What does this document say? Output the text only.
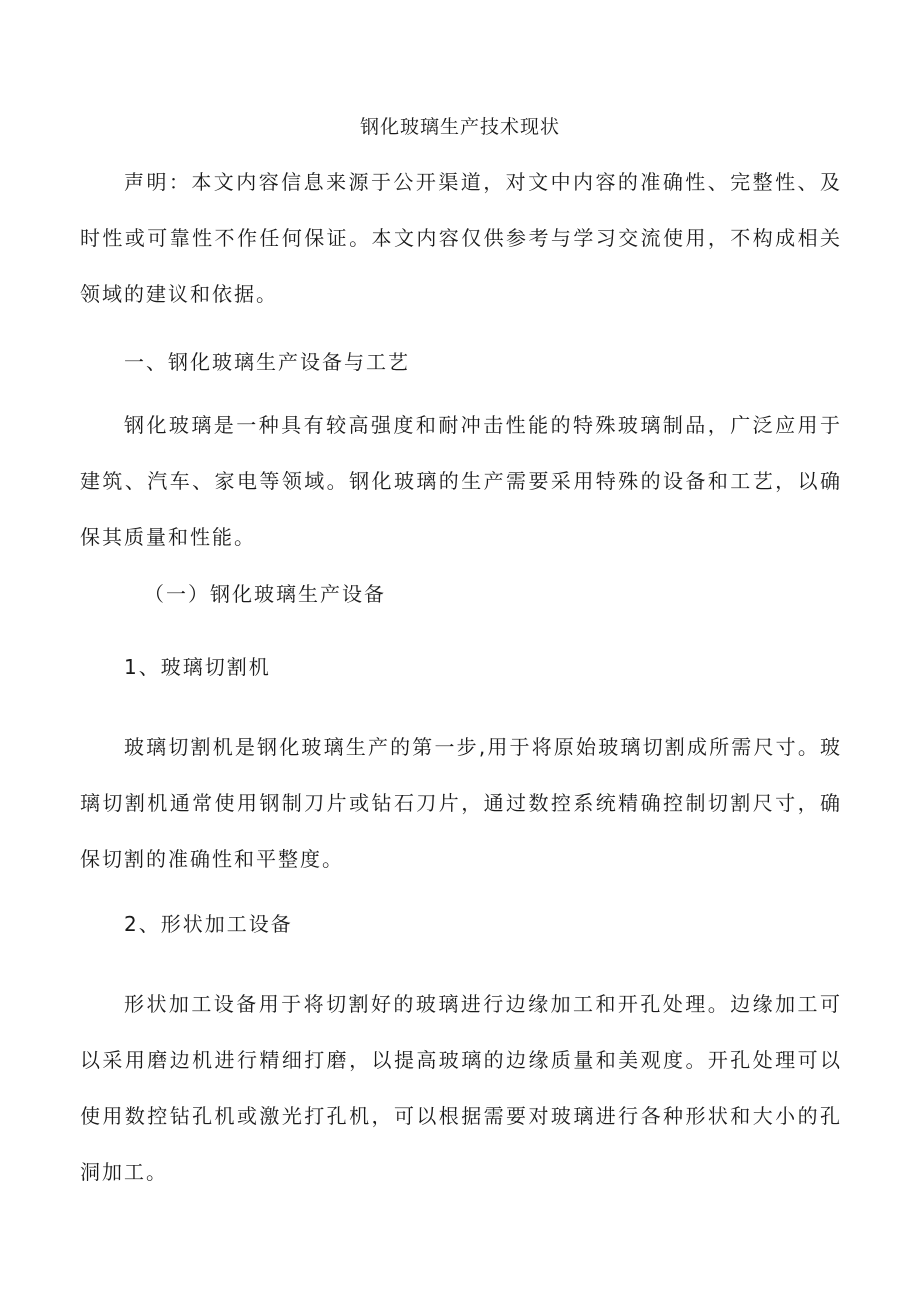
钢化玻璃生产技术现状

声明：本文内容信息来源于公开渠道，对文中内容的准确性、完整性、及时性或可靠性不作任何保证。本文内容仅供参考与学习交流使用，不构成相关领域的建议和依据。

一、钢化玻璃生产设备与工艺

钢化玻璃是一种具有较高强度和耐冲击性能的特殊玻璃制品，广泛应用于建筑、汽车、家电等领域。钢化玻璃的生产需要采用特殊的设备和工艺，以确保其质量和性能。

（一）钢化玻璃生产设备

1、玻璃切割机

玻璃切割机是钢化玻璃生产的第一步,用于将原始玻璃切割成所需尺寸。玻璃切割机通常使用钢制刀片或钻石刀片，通过数控系统精确控制切割尺寸，确保切割的准确性和平整度。

2、形状加工设备

形状加工设备用于将切割好的玻璃进行边缘加工和开孔处理。边缘加工可以采用磨边机进行精细打磨，以提高玻璃的边缘质量和美观度。开孔处理可以使用数控钻孔机或激光打孔机，可以根据需要对玻璃进行各种形状和大小的孔洞加工。
